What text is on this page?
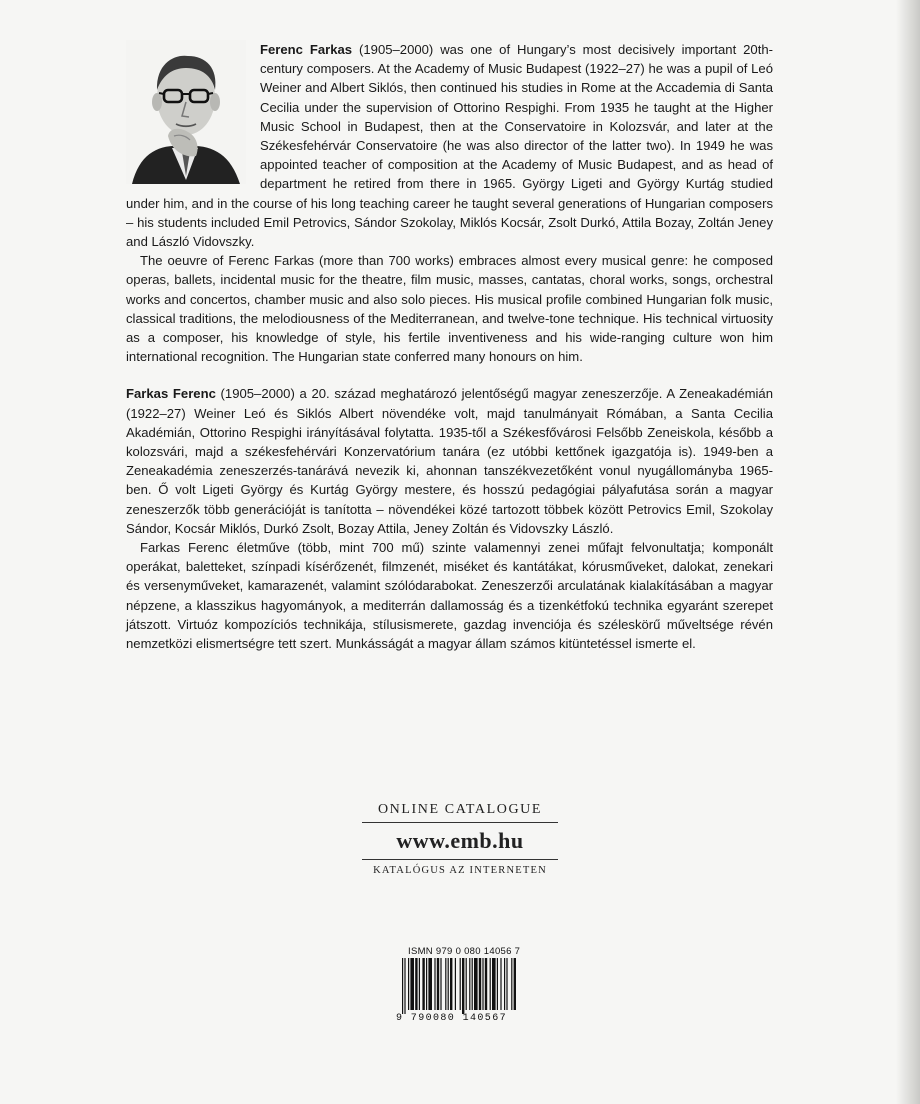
Ferenc Farkas (1905–2000) was one of Hungary’s most decisively important 20th-century composers. At the Academy of Music Budapest (1922–27) he was a pupil of Leó Weiner and Albert Siklós, then continued his studies in Rome at the Accademia di Santa Cecilia under the supervision of Ottorino Respighi. From 1935 he taught at the Higher Music School in Budapest, then at the Conservatoire in Kolozsvár, and later at the Székesfehérvár Conservatoire (he was also director of the latter two). In 1949 he was appointed teacher of composition at the Academy of Music Budapest, and as head of department he retired from there in 1965. György Ligeti and György Kurtág studied under him, and in the course of his long teaching career he taught several generations of Hungarian composers – his students included Emil Petrovics, Sándor Szokolay, Miklós Kocsár, Zsolt Durkó, Attila Bozay, Zoltán Jeney and László Vidovszky.

The oeuvre of Ferenc Farkas (more than 700 works) embraces almost every musical genre: he composed operas, ballets, incidental music for the theatre, film music, masses, cantatas, choral works, songs, orchestral works and concertos, chamber music and also solo pieces. His musical profile combined Hungarian folk music, classical traditions, the melodiousness of the Mediterranean, and twelve-tone technique. His technical virtuosity as a composer, his knowledge of style, his fertile inventiveness and his wide-ranging culture won him international recognition. The Hungarian state conferred many honours on him.

Farkas Ferenc (1905–2000) a 20. század meghatározó jelentőségű magyar zeneszerzője. A Zeneakadémián (1922–27) Weiner Leó és Siklós Albert növendéke volt, majd tanulmányait Rómában, a Santa Cecilia Akadémián, Ottorino Respighi irányításával folytatta. 1935-től a Székesfővárosi Felsőbb Zeneiskola, később a kolozsvári, majd a székesfehérvári Konzervatórium tanára (ez utóbbi kettőnek igazgatója is). 1949-ben a Zeneakadémia zeneszerzés-tanárává nevezik ki, ahonnan tanszékvezetőként vonul nyugállományba 1965-ben. Ő volt Ligeti György és Kurtág György mestere, és hosszú pedagógiai pályafutása során a magyar zeneszerzők több generációját is tanította – növendékei közé tartozott többek között Petrovics Emil, Szokolay Sándor, Kocsár Miklós, Durkó Zsolt, Bozay Attila, Jeney Zoltán és Vidovszky László.

Farkas Ferenc életműve (több, mint 700 mű) szinte valamennyi zenei műfajt felvonultatja; komponált operákat, baletteket, színpadi kísérőzenét, filmzenét, miséket és kantátákat, kórusműveket, dalokat, zenekari és versenyműveket, kamarazenét, valamint szólódarabokat. Zeneszerzői arculatának kialakításában a magyar népzene, a klasszikus hagyományok, a mediterrán dallamosság és a tizenkétfokú technika egyaránt szerepet játszott. Virtuóz kompozíciós technikája, stílusismerete, gazdag invenciója és széleskörű műveltsége révén nemzetközi elismertségre tett szert. Munkásságát a magyar állam számos kitüntetéssel ismerte el.

ONLINE CATALOGUE
www.emb.hu
KATALÓGUS AZ INTERNETEN
ISMN 979 0 080 14056 7
9 790080 140567
